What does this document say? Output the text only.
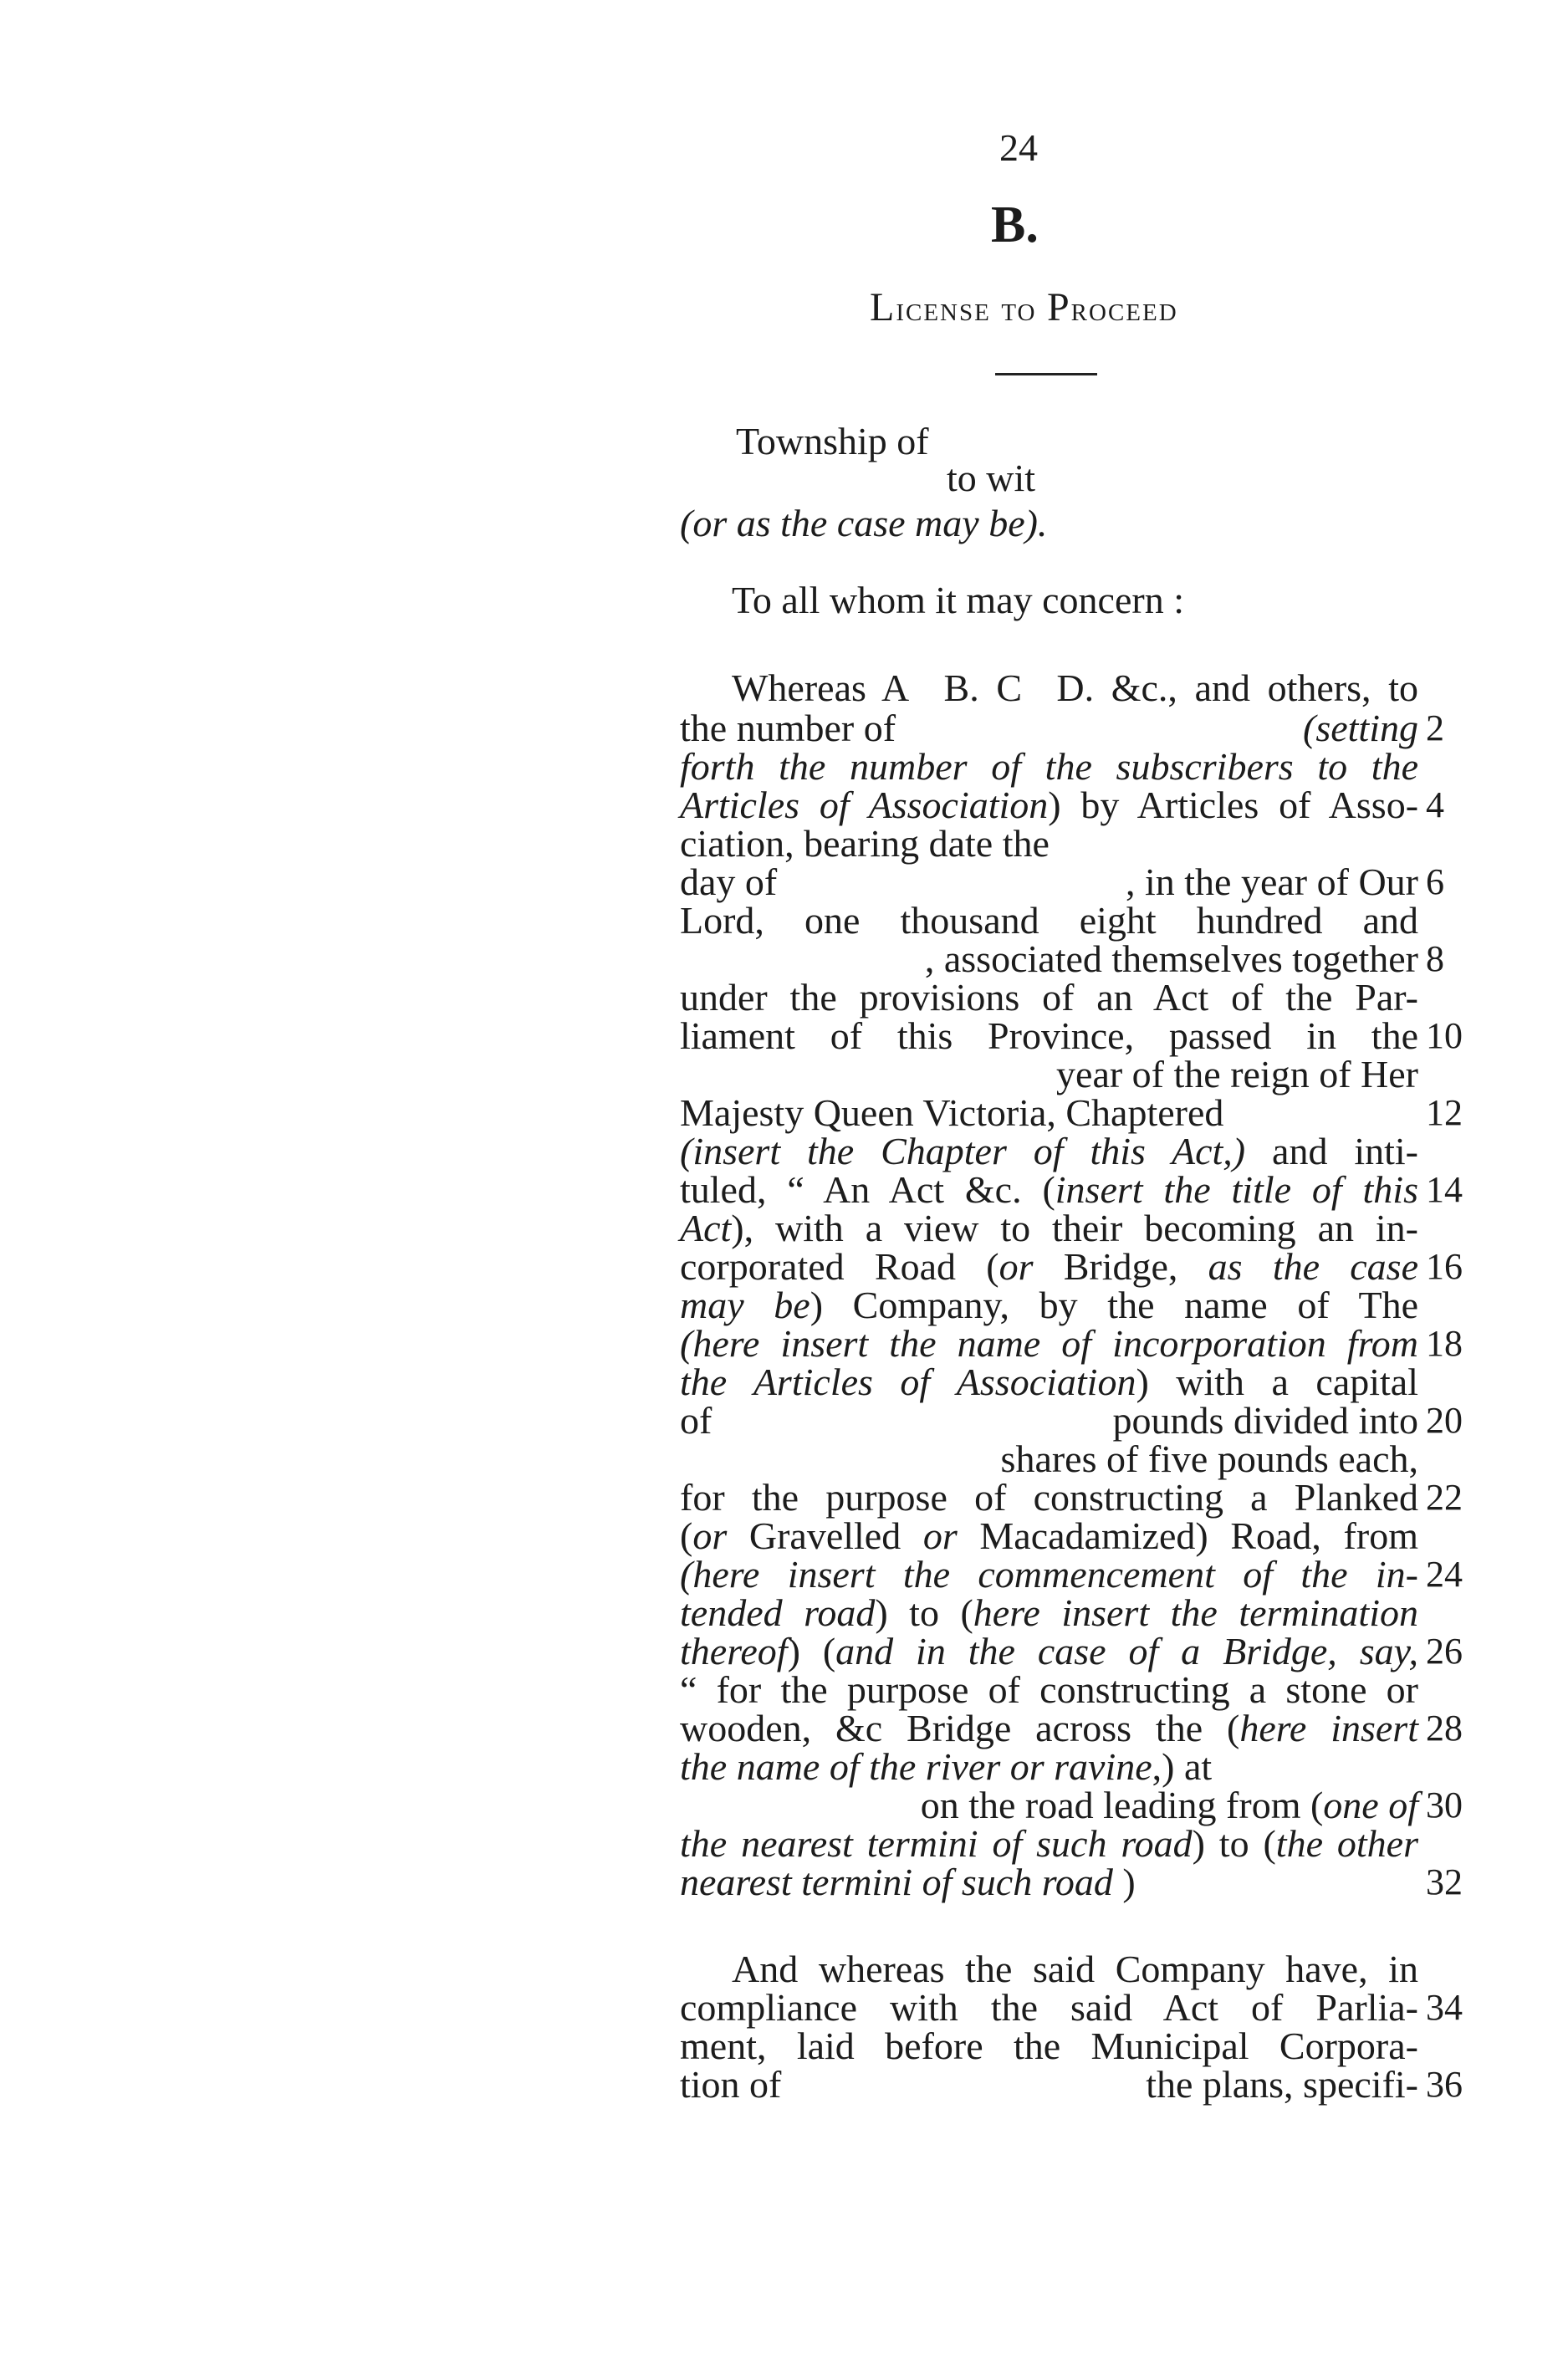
24
B.
License to Proceed
Township of
to wit
(or as the case may be).
To all whom it may concern :
Whereas A  B. C  D. &c., and others, to
the number of	(setting 2
forth the number of the subscribers to the
Articles of Association) by Articles of Asso- 4
ciation, bearing date the
day of	, in the year of Our 6
Lord, one thousand eight hundred and
, associated themselves together 8
under the provisions of an Act of the Par-
liament of this Province, passed in the 10
year of the reign of Her
Majesty Queen Victoria, Chaptered	12
(insert the Chapter of this Act,) and inti-
tuled, “ An Act &c. (insert the title of this 14
Act), with a view to their becoming an in-
corporated Road (or Bridge, as the case 16
may be) Company, by the name of The
(here insert the name of incorporation from 18
the Articles of Association) with a capital
of	pounds divided into 20
shares of five pounds each,
for the purpose of constructing a Planked 22
(or Gravelled or Macadamized) Road, from
(here insert the commencement of the in- 24
tended road) to (here insert the termination
thereof) (and in the case of a Bridge, say, 26
“ for the purpose of constructing a stone or
wooden, &c Bridge across the (here insert 28
the name of the river or ravine,) at
on the road leading from (one of 30
the nearest termini of such road) to (the other
nearest termini of such road )	32
And whereas the said Company have, in
compliance with the said Act of Parlia- 34
ment, laid before the Municipal Corpora-
tion of	the plans, specifi- 36
